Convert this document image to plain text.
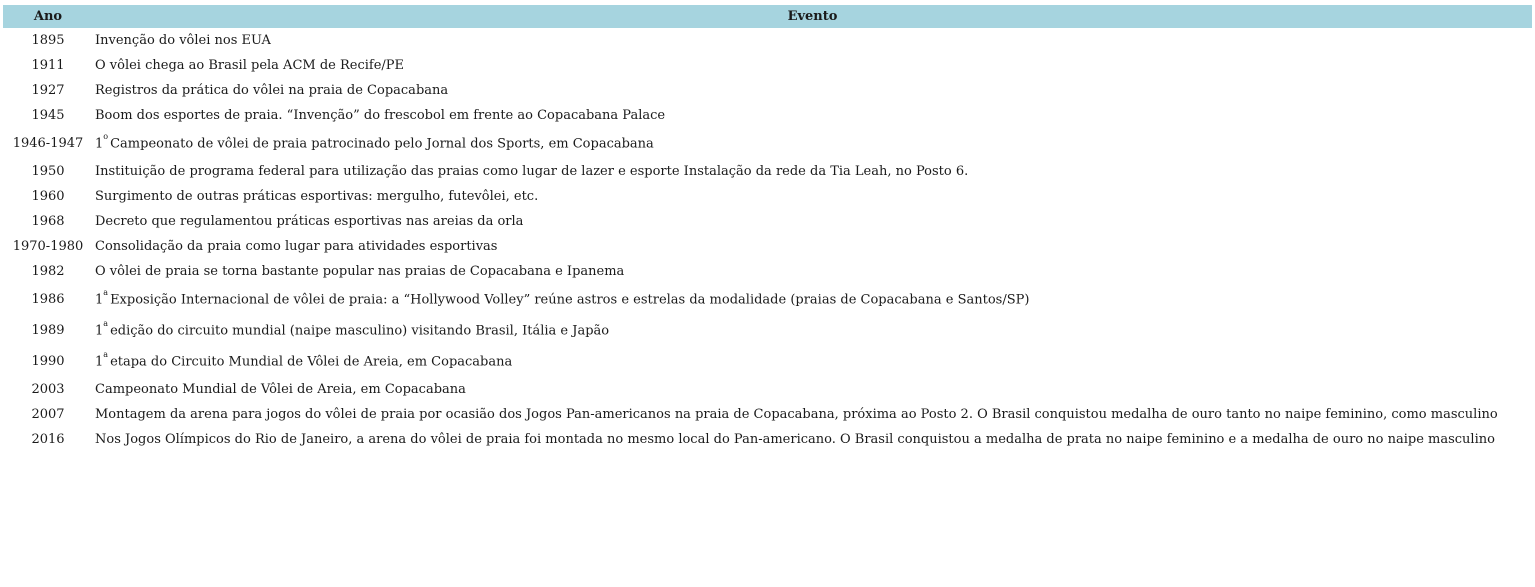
Ano	Evento
1895	Invenção do vôlei nos EUA
1911	O vôlei chega ao Brasil pela ACM de Recife/PE
1927	Registros da prática do vôlei na praia de Copacabana
1945	Boom dos esportes de praia. “Invenção” do frescobol em frente ao Copacabana Palace
1946-1947	1$^o$ Campeonato de vôlei de praia patrocinado pelo Jornal dos Sports, em Copacabana
1950	Instituição de programa federal para utilização das praias como lugar de lazer e esporte Instalação da rede da Tia Leah, no Posto 6.
1960	Surgimento de outras práticas esportivas: mergulho, futevôlei, etc.
1968	Decreto que regulamentou práticas esportivas nas areias da orla
1970-1980	Consolidação da praia como lugar para atividades esportivas
1982	O vôlei de praia se torna bastante popular nas praias de Copacabana e Ipanema
1986	1$^a$ Exposição Internacional de vôlei de praia: a “Hollywood Volley” reúne astros e estrelas da modalidade (praias de Copacabana e Santos/SP)
1989	1$^a$ edição do circuito mundial (naipe masculino) visitando Brasil, Itália e Japão
1990	1$^a$ etapa do Circuito Mundial de Vôlei de Areia, em Copacabana
2003	Campeonato Mundial de Vôlei de Areia, em Copacabana
2007	Montagem da arena para jogos do vôlei de praia por ocasião dos Jogos Pan-americanos na praia de Copacabana, próxima ao Posto 2. O Brasil conquistou medalha de ouro tanto no naipe feminino, como masculino
2016	Nos Jogos Olímpicos do Rio de Janeiro, a arena do vôlei de praia foi montada no mesmo local do Pan-americano. O Brasil conquistou a medalha de prata no naipe feminino e a medalha de ouro no naipe masculino
